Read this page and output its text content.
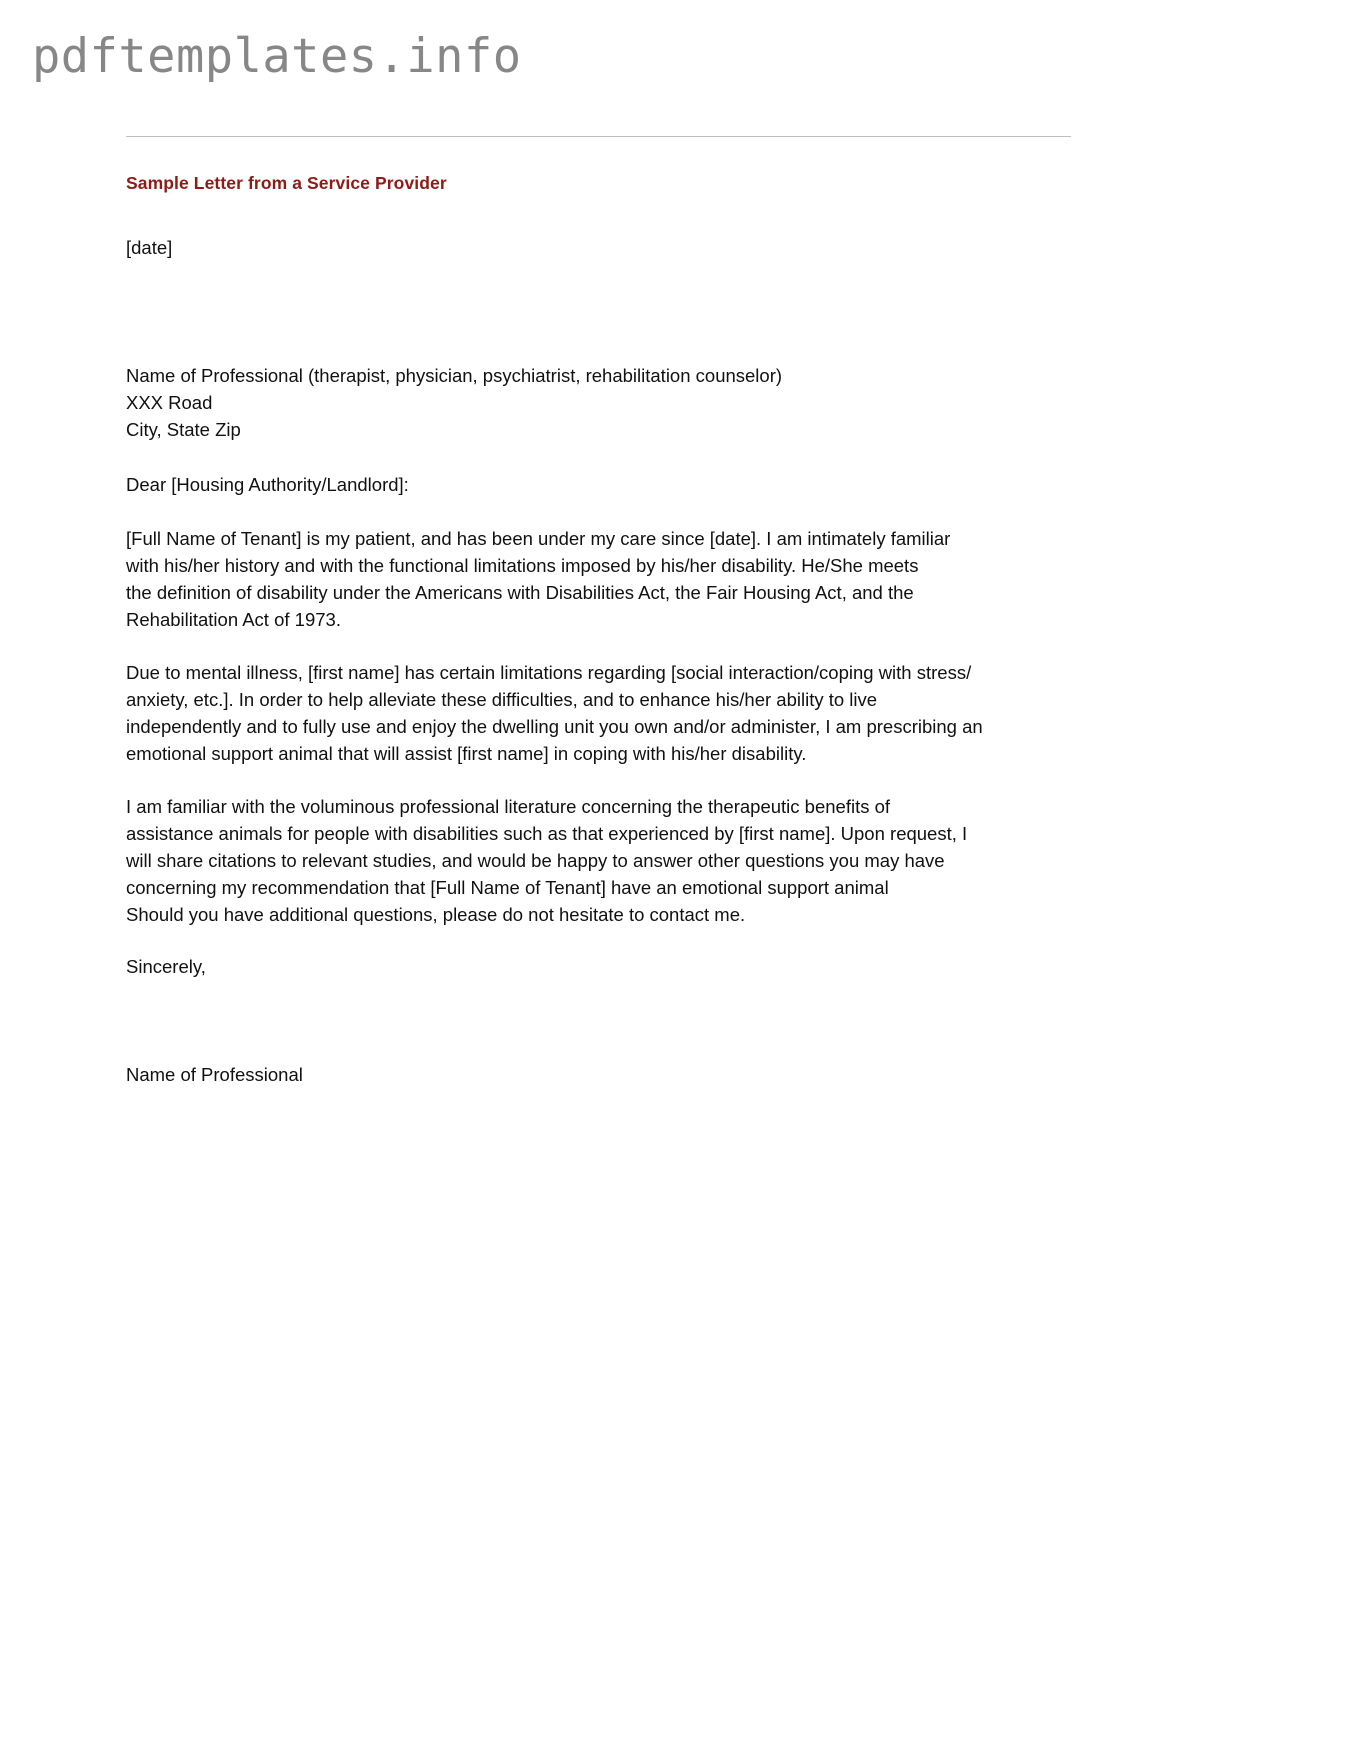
pdftemplates.info
Sample Letter from a Service Provider
[date]
Name of Professional (therapist, physician, psychiatrist, rehabilitation counselor)
XXX Road
City, State Zip
Dear [Housing Authority/Landlord]:
[Full Name of Tenant] is my patient, and has been under my care since [date]. I am intimately familiar
with his/her history and with the functional limitations imposed by his/her disability. He/She meets
the definition of disability under the Americans with Disabilities Act, the Fair Housing Act, and the
Rehabilitation Act of 1973.
Due to mental illness, [first name] has certain limitations regarding [social interaction/coping with stress/
anxiety, etc.]. In order to help alleviate these difficulties, and to enhance his/her ability to live
independently and to fully use and enjoy the dwelling unit you own and/or administer, I am prescribing an
emotional support animal that will assist [first name] in coping with his/her disability.
I am familiar with the voluminous professional literature concerning the therapeutic benefits of
assistance animals for people with disabilities such as that experienced by [first name]. Upon request, I
will share citations to relevant studies, and would be happy to answer other questions you may have
concerning my recommendation that [Full Name of Tenant] have an emotional support animal
Should you have additional questions, please do not hesitate to contact me.
Sincerely,
Name of Professional
